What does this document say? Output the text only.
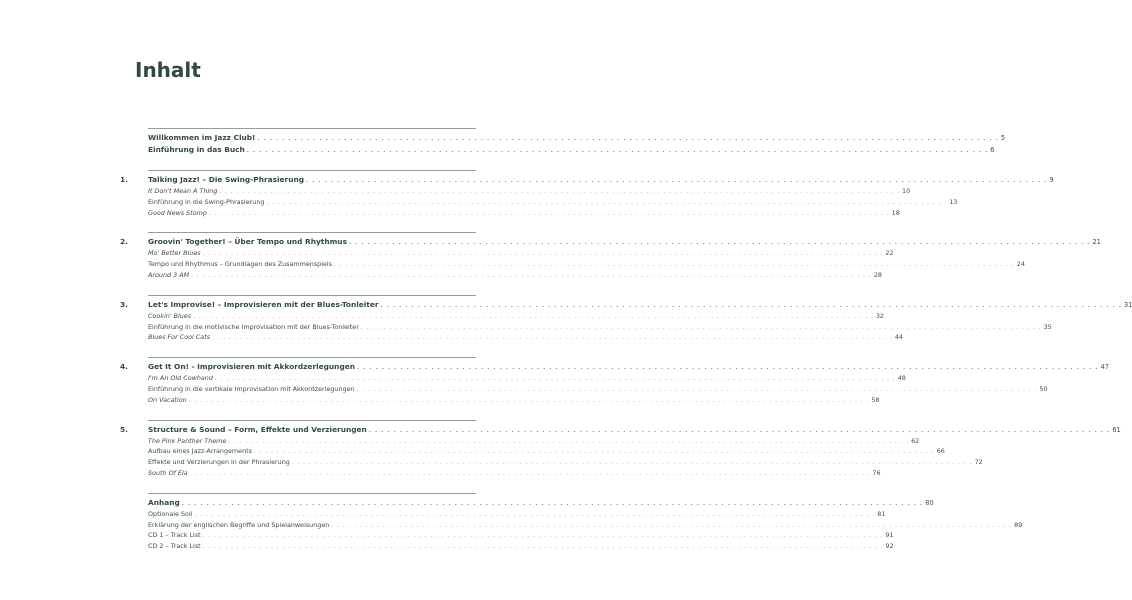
Inhalt
Willkommen im Jazz Club! . . . . . . . . . . . . . . . . . . . . . . . . . . . . . . . . . . . . . . . . . . . . . . . . . . . . . . . . . . . . . . . . . . . . . . . . . . . . . . . . . . . . . . . . . . . . . . . . . . . . . . . . . . . . . . . . . . . . . . . . 5
Einführung in das Buch . . . . . . . . . . . . . . . . . . . . . . . . . . . . . . . . . . . . . . . . . . . . . . . . . . . . . . . . . . . . . . . . . . . . . . . . . . . . . . . . . . . . . . . . . . . . . . . . . . . . . . . . . . . . . . . . . . . . . . . . 6
1.	Talking Jazz! – Die Swing-Phrasierung . . . . . . . . . . . . . . . . . . . . . . . . . . . . . . . . . . . . . . . . . . . . . . . . . . . . . . . . . . . . . . . . . . . . . . . . . . . . . . . . . . . . . . . . . . . . . . . . . . . . . . . . . . . . . . . . . . . . . . . . 9
It Don't Mean A Thing . . . . . . . . . . . . . . . . . . . . . . . . . . . . . . . . . . . . . . . . . . . . . . . . . . . . . . . . . . . . . . . . . . . . . . . . . . . . . . . . . . . . . . . . . . . . . . . . . . . . . . . . . . . . . . . . . . . . . . . . 10
Einführung in die Swing-Phrasierung . . . . . . . . . . . . . . . . . . . . . . . . . . . . . . . . . . . . . . . . . . . . . . . . . . . . . . . . . . . . . . . . . . . . . . . . . . . . . . . . . . . . . . . . . . . . . . . . . . . . . . . . . . . . . . . . . . . . . . . . 13
Good News Stomp . . . . . . . . . . . . . . . . . . . . . . . . . . . . . . . . . . . . . . . . . . . . . . . . . . . . . . . . . . . . . . . . . . . . . . . . . . . . . . . . . . . . . . . . . . . . . . . . . . . . . . . . . . . . . . . . . . . . . . . . 18
2.	Groovin' Together! – Über Tempo und Rhythmus . . . . . . . . . . . . . . . . . . . . . . . . . . . . . . . . . . . . . . . . . . . . . . . . . . . . . . . . . . . . . . . . . . . . . . . . . . . . . . . . . . . . . . . . . . . . . . . . . . . . . . . . . . . . . . . . . . . . . . . . 21
Mo' Better Blues . . . . . . . . . . . . . . . . . . . . . . . . . . . . . . . . . . . . . . . . . . . . . . . . . . . . . . . . . . . . . . . . . . . . . . . . . . . . . . . . . . . . . . . . . . . . . . . . . . . . . . . . . . . . . . . . . . . . . . . . 22
Tempo und Rhythmus – Grundlagen des Zusammenspiels . . . . . . . . . . . . . . . . . . . . . . . . . . . . . . . . . . . . . . . . . . . . . . . . . . . . . . . . . . . . . . . . . . . . . . . . . . . . . . . . . . . . . . . . . . . . . . . . . . . . . . . . . . . . . . . . . . . . . . . . 24
Around 3 AM . . . . . . . . . . . . . . . . . . . . . . . . . . . . . . . . . . . . . . . . . . . . . . . . . . . . . . . . . . . . . . . . . . . . . . . . . . . . . . . . . . . . . . . . . . . . . . . . . . . . . . . . . . . . . . . . . . . . . . . . 28
3.	Let's Improvise! – Improvisieren mit der Blues-Tonleiter . . . . . . . . . . . . . . . . . . . . . . . . . . . . . . . . . . . . . . . . . . . . . . . . . . . . . . . . . . . . . . . . . . . . . . . . . . . . . . . . . . . . . . . . . . . . . . . . . . . . . . . . . . . . . . . . . . . . . . . . 31
Cookin' Blues . . . . . . . . . . . . . . . . . . . . . . . . . . . . . . . . . . . . . . . . . . . . . . . . . . . . . . . . . . . . . . . . . . . . . . . . . . . . . . . . . . . . . . . . . . . . . . . . . . . . . . . . . . . . . . . . . . . . . . . . 32
Einführung in die motivische Improvisation mit der Blues-Tonleiter . . . . . . . . . . . . . . . . . . . . . . . . . . . . . . . . . . . . . . . . . . . . . . . . . . . . . . . . . . . . . . . . . . . . . . . . . . . . . . . . . . . . . . . . . . . . . . . . . . . . . . . . . . . . . . . . . . . . . . . . 35
Blues For Cool Cats . . . . . . . . . . . . . . . . . . . . . . . . . . . . . . . . . . . . . . . . . . . . . . . . . . . . . . . . . . . . . . . . . . . . . . . . . . . . . . . . . . . . . . . . . . . . . . . . . . . . . . . . . . . . . . . . . . . . . . . . 44
4.	Get It On! - Improvisieren mit Akkordzerlegungen . . . . . . . . . . . . . . . . . . . . . . . . . . . . . . . . . . . . . . . . . . . . . . . . . . . . . . . . . . . . . . . . . . . . . . . . . . . . . . . . . . . . . . . . . . . . . . . . . . . . . . . . . . . . . . . . . . . . . . . . 47
I'm An Old Cowhand . . . . . . . . . . . . . . . . . . . . . . . . . . . . . . . . . . . . . . . . . . . . . . . . . . . . . . . . . . . . . . . . . . . . . . . . . . . . . . . . . . . . . . . . . . . . . . . . . . . . . . . . . . . . . . . . . . . . . . . . 48
Einführung in die vertikale Improvisation mit Akkordzerlegungen . . . . . . . . . . . . . . . . . . . . . . . . . . . . . . . . . . . . . . . . . . . . . . . . . . . . . . . . . . . . . . . . . . . . . . . . . . . . . . . . . . . . . . . . . . . . . . . . . . . . . . . . . . . . . . . . . . . . . . . . 50
On Vacation . . . . . . . . . . . . . . . . . . . . . . . . . . . . . . . . . . . . . . . . . . . . . . . . . . . . . . . . . . . . . . . . . . . . . . . . . . . . . . . . . . . . . . . . . . . . . . . . . . . . . . . . . . . . . . . . . . . . . . . . 58
5.	Structure & Sound – Form, Effekte und Verzierungen . . . . . . . . . . . . . . . . . . . . . . . . . . . . . . . . . . . . . . . . . . . . . . . . . . . . . . . . . . . . . . . . . . . . . . . . . . . . . . . . . . . . . . . . . . . . . . . . . . . . . . . . . . . . . . . . . . . . . . . . 61
The Pink Panther Theme . . . . . . . . . . . . . . . . . . . . . . . . . . . . . . . . . . . . . . . . . . . . . . . . . . . . . . . . . . . . . . . . . . . . . . . . . . . . . . . . . . . . . . . . . . . . . . . . . . . . . . . . . . . . . . . . . . . . . . . . 62
Aufbau eines Jazz-Arrangements . . . . . . . . . . . . . . . . . . . . . . . . . . . . . . . . . . . . . . . . . . . . . . . . . . . . . . . . . . . . . . . . . . . . . . . . . . . . . . . . . . . . . . . . . . . . . . . . . . . . . . . . . . . . . . . . . . . . . . . . 66
Effekte und Verzierungen in der Phrasierung . . . . . . . . . . . . . . . . . . . . . . . . . . . . . . . . . . . . . . . . . . . . . . . . . . . . . . . . . . . . . . . . . . . . . . . . . . . . . . . . . . . . . . . . . . . . . . . . . . . . . . . . . . . . . . . . . . . . . . . . 72
South Of Ela . . . . . . . . . . . . . . . . . . . . . . . . . . . . . . . . . . . . . . . . . . . . . . . . . . . . . . . . . . . . . . . . . . . . . . . . . . . . . . . . . . . . . . . . . . . . . . . . . . . . . . . . . . . . . . . . . . . . . . . . 76
Anhang . . . . . . . . . . . . . . . . . . . . . . . . . . . . . . . . . . . . . . . . . . . . . . . . . . . . . . . . . . . . . . . . . . . . . . . . . . . . . . . . . . . . . . . . . . . . . . . . . . . . . . . . . . . . . . . . . . . . . . . . 80
Optionale Soli . . . . . . . . . . . . . . . . . . . . . . . . . . . . . . . . . . . . . . . . . . . . . . . . . . . . . . . . . . . . . . . . . . . . . . . . . . . . . . . . . . . . . . . . . . . . . . . . . . . . . . . . . . . . . . . . . . . . . . . . 81
Erklärung der englischen Begriffe und Spielanweisungen . . . . . . . . . . . . . . . . . . . . . . . . . . . . . . . . . . . . . . . . . . . . . . . . . . . . . . . . . . . . . . . . . . . . . . . . . . . . . . . . . . . . . . . . . . . . . . . . . . . . . . . . . . . . . . . . . . . . . . . . 89
CD 1 – Track List . . . . . . . . . . . . . . . . . . . . . . . . . . . . . . . . . . . . . . . . . . . . . . . . . . . . . . . . . . . . . . . . . . . . . . . . . . . . . . . . . . . . . . . . . . . . . . . . . . . . . . . . . . . . . . . . . . . . . . . . 91
CD 2 – Track List . . . . . . . . . . . . . . . . . . . . . . . . . . . . . . . . . . . . . . . . . . . . . . . . . . . . . . . . . . . . . . . . . . . . . . . . . . . . . . . . . . . . . . . . . . . . . . . . . . . . . . . . . . . . . . . . . . . . . . . . 92
